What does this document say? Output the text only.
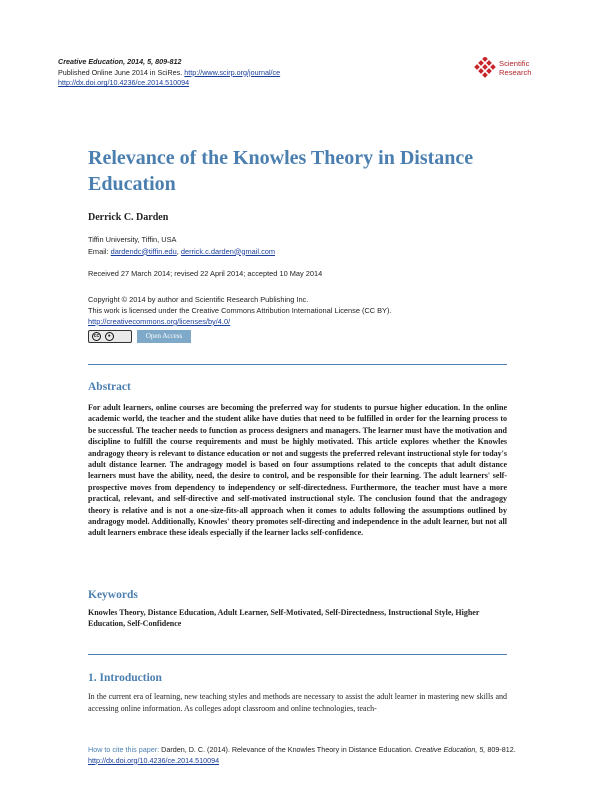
Creative Education, 2014, 5, 809-812
Published Online June 2014 in SciRes. http://www.scirp.org/journal/ce
http://dx.doi.org/10.4236/ce.2014.510094
Scientific
Research
Relevance of the Knowles Theory in Distance Education
Derrick C. Darden
Tiffin University, Tiffin, USA
Email: dardendc@tiffin.edu, derrick.c.darden@gmail.com
Received 27 March 2014; revised 22 April 2014; accepted 10 May 2014
Copyright © 2014 by author and Scientific Research Publishing Inc.
This work is licensed under the Creative Commons Attribution International License (CC BY).
http://creativecommons.org/licenses/by/4.0/
cc ●	Open Access
Abstract
For adult learners, online courses are becoming the preferred way for students to pursue higher education. In the online academic world, the teacher and the student alike have duties that need to be fulfilled in order for the learning process to be successful. The teacher needs to function as process designers and managers. The learner must have the motivation and discipline to fulfill the course requirements and must be highly motivated. This article explores whether the Knowles andragogy theory is relevant to distance education or not and suggests the preferred relevant instructional style for today's adult distance learner. The andragogy model is based on four assumptions related to the concepts that adult distance learners must have the ability, need, the desire to control, and be responsible for their learning. The adult learners' self-prospective moves from dependency to independency or self-directedness. Furthermore, the teacher must have a more practical, relevant, and self-directive and self-motivated instructional style. The conclusion found that the andragogy theory is relative and is not a one-size-fits-all approach when it comes to adults following the assumptions outlined by andragogy model. Additionally, Knowles' theory promotes self-directing and independence in the adult learner, but not all adult learners embrace these ideals especially if the learner lacks self-confidence.
Keywords
Knowles Theory, Distance Education, Adult Learner, Self-Motivated, Self-Directedness, Instructional Style, Higher Education, Self-Confidence
1. Introduction
In the current era of learning, new teaching styles and methods are necessary to assist the adult learner in mastering new skills and accessing online information. As colleges adopt classroom and online technologies, teach-
How to cite this paper: Darden, D. C. (2014). Relevance of the Knowles Theory in Distance Education. Creative Education, 5, 809-812. http://dx.doi.org/10.4236/ce.2014.510094
